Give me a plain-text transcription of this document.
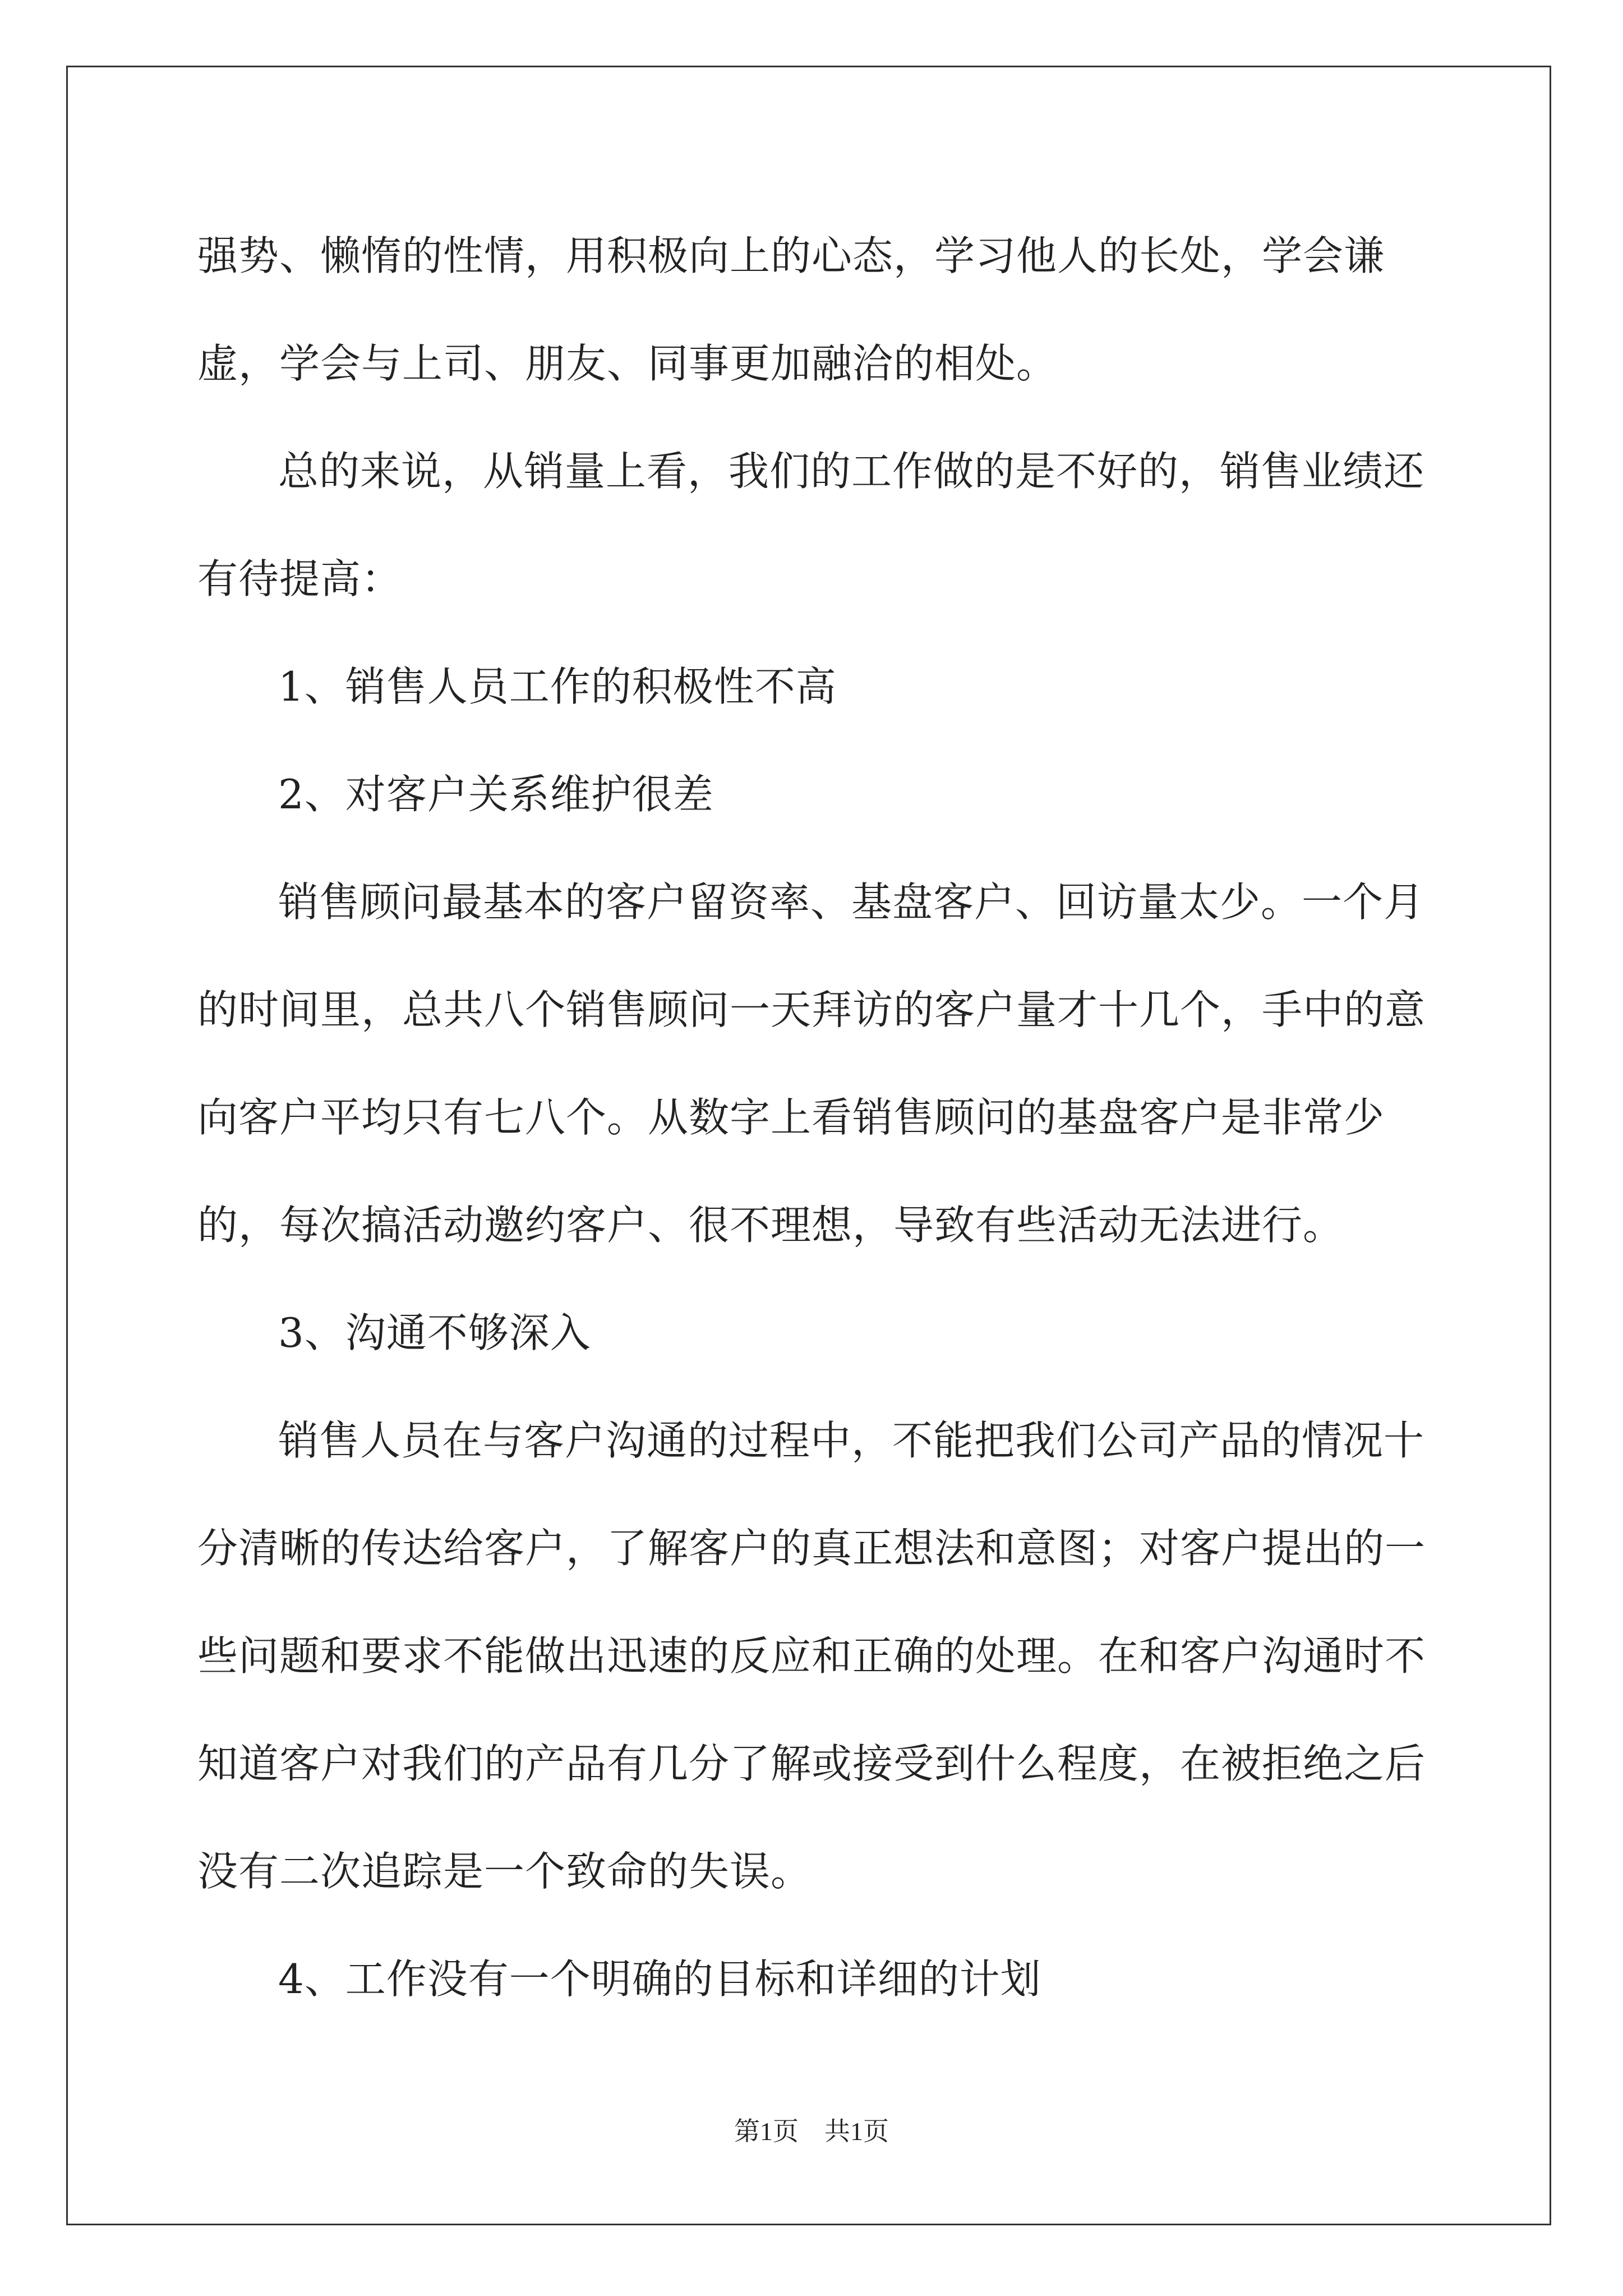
强势、懒惰的性情，用积极向上的心态，学习他人的长处，学会谦虚，学会与上司、朋友、同事更加融洽的相处。

总的来说，从销量上看，我们的工作做的是不好的，销售业绩还有待提高：

1、销售人员工作的积极性不高

2、对客户关系维护很差

销售顾问最基本的客户留资率、基盘客户、回访量太少。一个月的时间里，总共八个销售顾问一天拜访的客户量才十几个，手中的意向客户平均只有七八个。从数字上看销售顾问的基盘客户是非常少的，每次搞活动邀约客户、很不理想，导致有些活动无法进行。

3、沟通不够深入

销售人员在与客户沟通的过程中，不能把我们公司产品的情况十分清晰的传达给客户，了解客户的真正想法和意图；对客户提出的一些问题和要求不能做出迅速的反应和正确的处理。在和客户沟通时不知道客户对我们的产品有几分了解或接受到什么程度，在被拒绝之后没有二次追踪是一个致命的失误。

4、工作没有一个明确的目标和详细的计划

第1页　共1页
